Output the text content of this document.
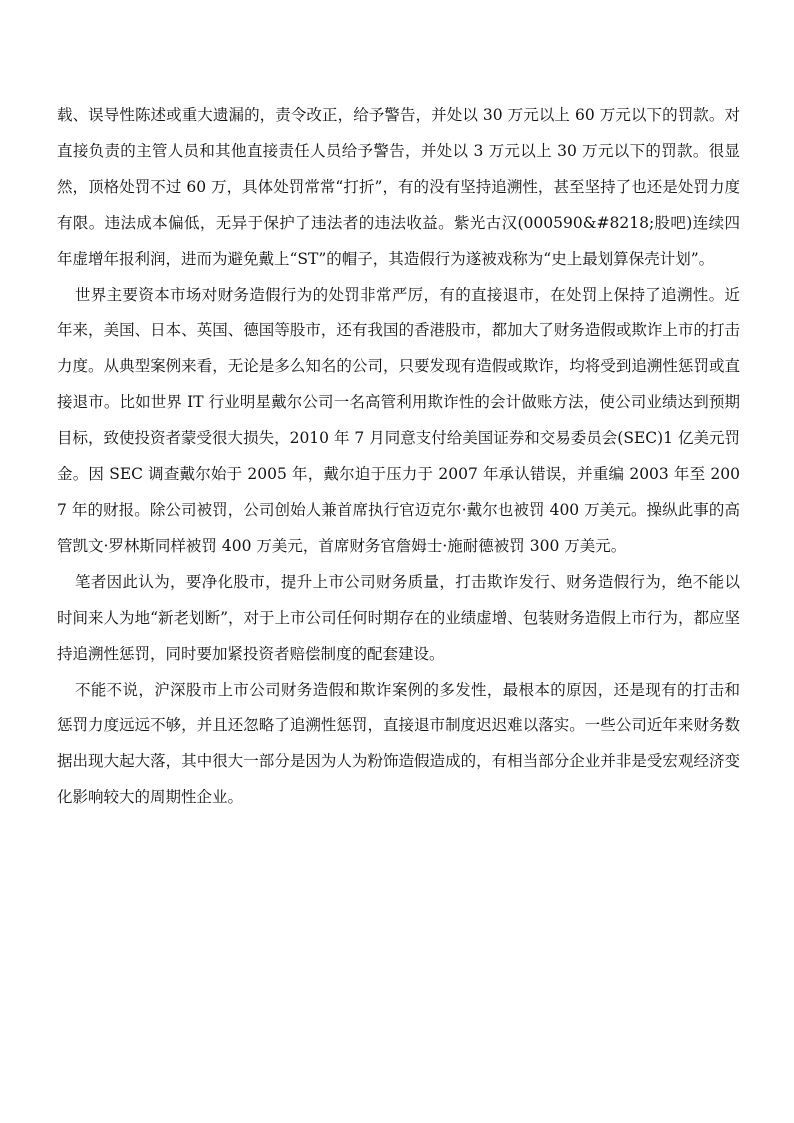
载、误导性陈述或重大遗漏的，责令改正，给予警告，并处以 30 万元以上 60 万元以下的罚款。对直接负责的主管人员和其他直接责任人员给予警告，并处以 3 万元以上 30 万元以下的罚款。很显然，顶格处罚不过 60 万，具体处罚常常“打折”，有的没有坚持追溯性，甚至坚持了也还是处罚力度有限。违法成本偏低，无异于保护了违法者的违法收益。紫光古汉(000590&#8218;股吧)连续四年虚增年报利润，进而为避免戴上“ST”的帽子，其造假行为遂被戏称为“史上最划算保壳计划”。

世界主要资本市场对财务造假行为的处罚非常严厉，有的直接退市，在处罚上保持了追溯性。近年来，美国、日本、英国、德国等股市，还有我国的香港股市，都加大了财务造假或欺诈上市的打击力度。从典型案例来看，无论是多么知名的公司，只要发现有造假或欺诈，均将受到追溯性惩罚或直接退市。比如世界 IT 行业明星戴尔公司一名高管利用欺诈性的会计做账方法，使公司业绩达到预期目标，致使投资者蒙受很大损失，2010 年 7 月同意支付给美国证券和交易委员会(SEC)1 亿美元罚金。因 SEC 调查戴尔始于 2005 年，戴尔迫于压力于 2007 年承认错误，并重编 2003 年至 2007 年的财报。除公司被罚，公司创始人兼首席执行官迈克尔·戴尔也被罚 400 万美元。操纵此事的高管凯文·罗林斯同样被罚 400 万美元，首席财务官詹姆士·施耐德被罚 300 万美元。

笔者因此认为，要净化股市，提升上市公司财务质量，打击欺诈发行、财务造假行为，绝不能以时间来人为地“新老划断”，对于上市公司任何时期存在的业绩虚增、包装财务造假上市行为，都应坚持追溯性惩罚，同时要加紧投资者赔偿制度的配套建设。

不能不说，沪深股市上市公司财务造假和欺诈案例的多发性，最根本的原因，还是现有的打击和惩罚力度远远不够，并且还忽略了追溯性惩罚，直接退市制度迟迟难以落实。一些公司近年来财务数据出现大起大落，其中很大一部分是因为人为粉饰造假造成的，有相当部分企业并非是受宏观经济变化影响较大的周期性企业。
